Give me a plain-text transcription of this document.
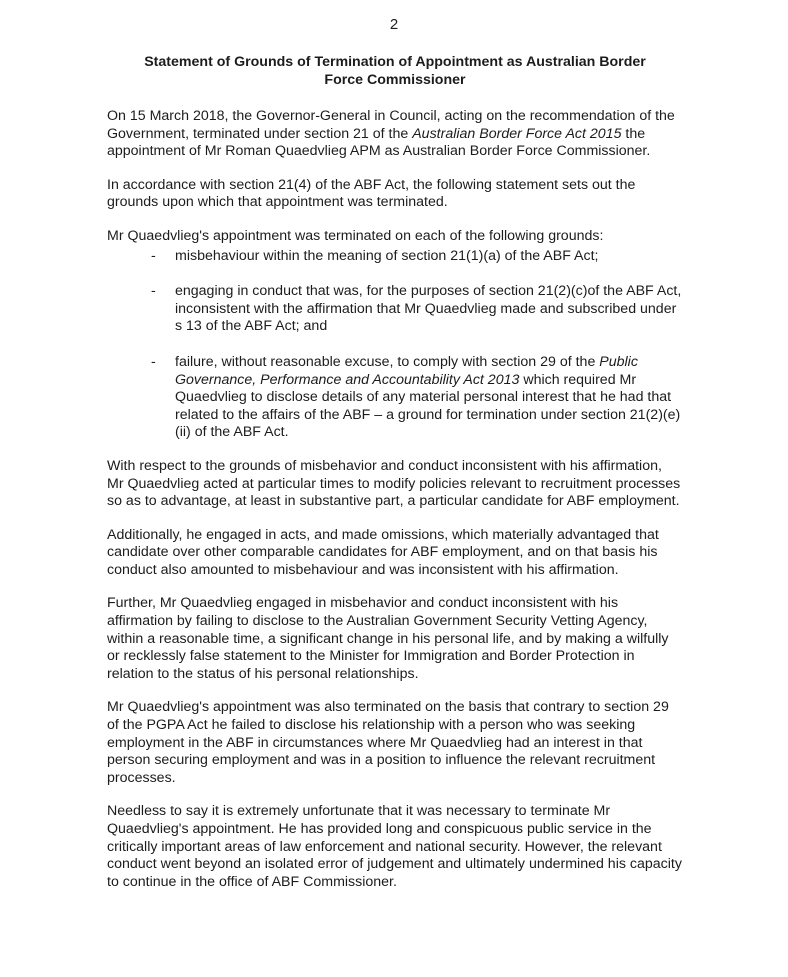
2
Statement of Grounds of Termination of Appointment as Australian Border
Force Commissioner

On 15 March 2018, the Governor-General in Council, acting on the recommendation of the Government, terminated under section 21 of the Australian Border Force Act 2015 the appointment of Mr Roman Quaedvlieg APM as Australian Border Force Commissioner.

In accordance with section 21(4) of the ABF Act, the following statement sets out the grounds upon which that appointment was terminated.

Mr Quaedvlieg's appointment was terminated on each of the following grounds:

- misbehaviour within the meaning of section 21(1)(a) of the ABF Act;
- engaging in conduct that was, for the purposes of section 21(2)(c)of the ABF Act, inconsistent with the affirmation that Mr Quaedvlieg made and subscribed under s 13 of the ABF Act; and
- failure, without reasonable excuse, to comply with section 29 of the Public Governance, Performance and Accountability Act 2013 which required Mr Quaedvlieg to disclose details of any material personal interest that he had that related to the affairs of the ABF – a ground for termination under section 21(2)(e)(ii) of the ABF Act.

With respect to the grounds of misbehavior and conduct inconsistent with his affirmation, Mr Quaedvlieg acted at particular times to modify policies relevant to recruitment processes so as to advantage, at least in substantive part, a particular candidate for ABF employment.

Additionally, he engaged in acts, and made omissions, which materially advantaged that candidate over other comparable candidates for ABF employment, and on that basis his conduct also amounted to misbehaviour and was inconsistent with his affirmation.

Further, Mr Quaedvlieg engaged in misbehavior and conduct inconsistent with his affirmation by failing to disclose to the Australian Government Security Vetting Agency, within a reasonable time, a significant change in his personal life, and by making a wilfully or recklessly false statement to the Minister for Immigration and Border Protection in relation to the status of his personal relationships.

Mr Quaedvlieg's appointment was also terminated on the basis that contrary to section 29 of the PGPA Act he failed to disclose his relationship with a person who was seeking employment in the ABF in circumstances where Mr Quaedvlieg had an interest in that person securing employment and was in a position to influence the relevant recruitment processes.

Needless to say it is extremely unfortunate that it was necessary to terminate Mr Quaedvlieg's appointment. He has provided long and conspicuous public service in the critically important areas of law enforcement and national security. However, the relevant conduct went beyond an isolated error of judgement and ultimately undermined his capacity to continue in the office of ABF Commissioner.
